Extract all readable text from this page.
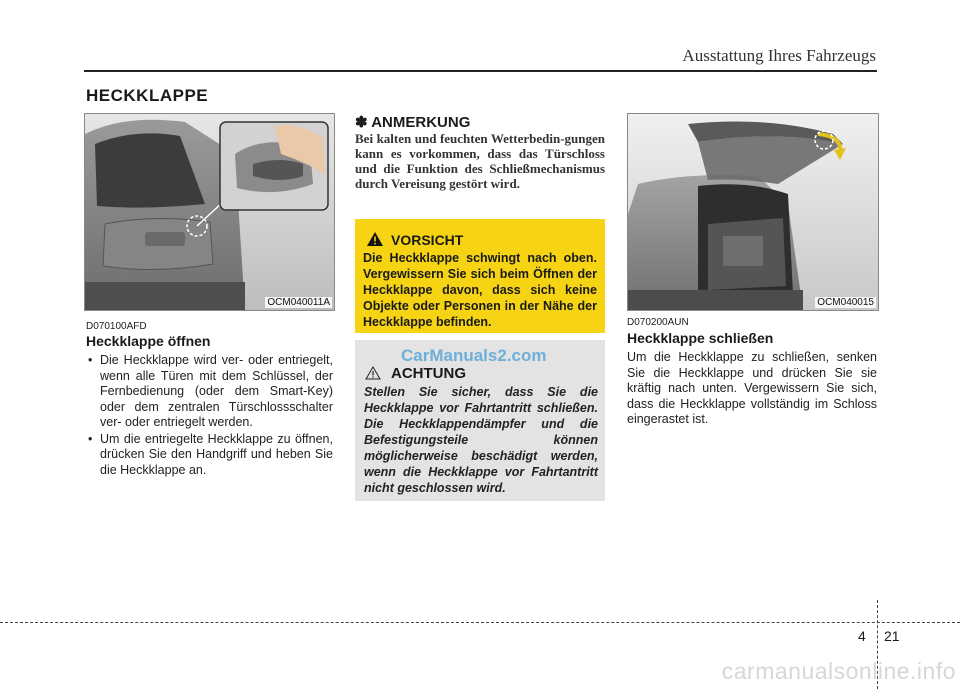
Ausstattung Ihres Fahrzeugs
HECKKLAPPE
OCM040011A
D070100AFD
Heckklappe öffnen
• Die Heckklappe wird ver- oder entriegelt, wenn alle Türen mit dem Schlüssel, der Fernbedienung (oder dem Smart-Key) oder dem zentralen Türschlossschalter ver- oder entriegelt werden.
• Um die entriegelte Heckklappe zu öffnen, drücken Sie den Handgriff und heben Sie die Heckklappe an.
✽ ANMERKUNG
Bei kalten und feuchten Wetterbedin-gungen kann es vorkommen, dass das Türschloss und die Funktion des Schließmechanismus durch Vereisung gestört wird.
VORSICHT
Die Heckklappe schwingt nach oben. Vergewissern Sie sich beim Öffnen der Heckklappe davon, dass sich keine Objekte oder Personen in der Nähe der Heckklappe befinden.
CarManuals2.com
ACHTUNG
Stellen Sie sicher, dass Sie die Heckklappe vor Fahrtantritt schließen. Die Heckklappendämpfer und die Befestigungsteile können möglicherweise beschädigt werden, wenn die Heckklappe vor Fahrtantritt nicht geschlossen wird.
OCM040015
D070200AUN
Heckklappe schließen
Um die Heckklappe zu schließen, senken Sie die Heckklappe und drücken Sie sie kräftig nach unten. Vergewissern Sie sich, dass die Heckklappe vollständig im Schloss eingerastet ist.
4 21
carmanualsonline.info
